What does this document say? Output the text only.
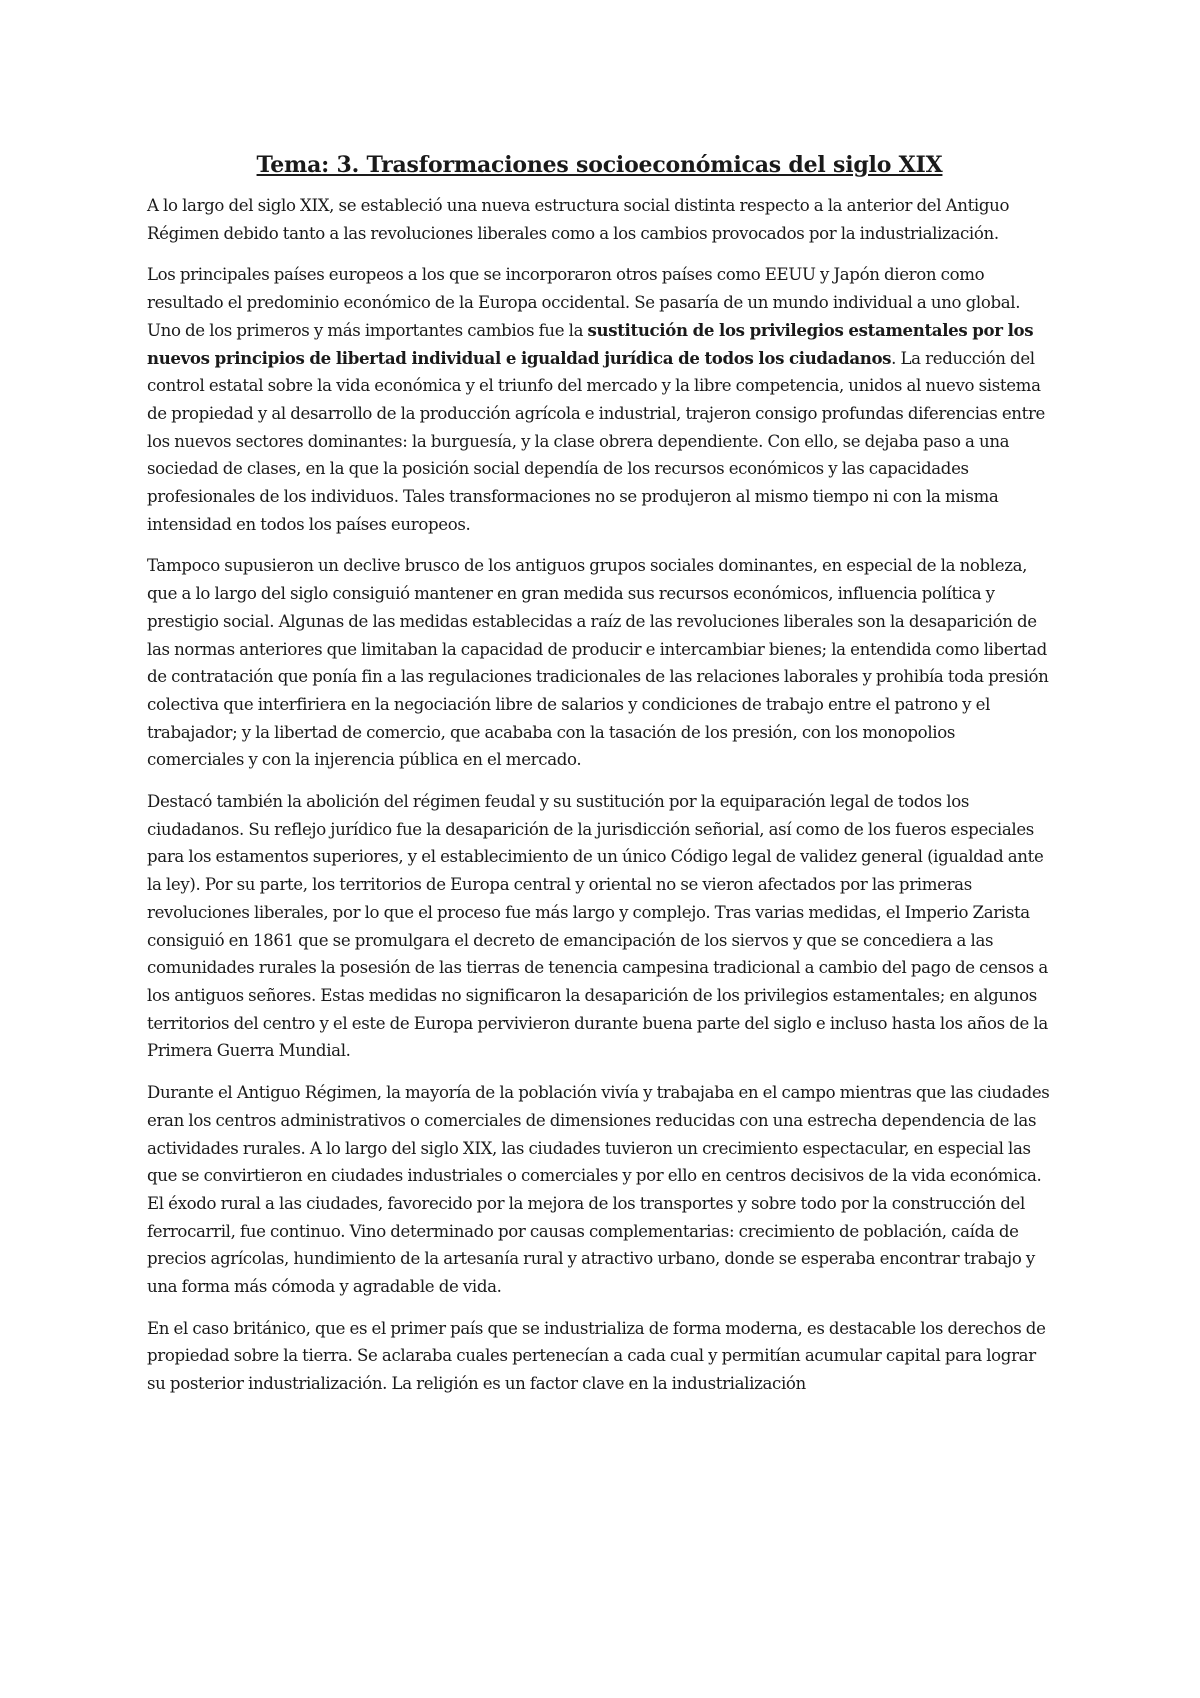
Tema: 3. Trasformaciones socioeconómicas del siglo XIX

A lo largo del siglo XIX, se estableció una nueva estructura social distinta respecto a la anterior del Antiguo Régimen debido tanto a las revoluciones liberales como a los cambios provocados por la industrialización.

Los principales países europeos a los que se incorporaron otros países como EEUU y Japón dieron como resultado el predominio económico de la Europa occidental. Se pasaría de un mundo individual a uno global. Uno de los primeros y más importantes cambios fue la sustitución de los privilegios estamentales por los nuevos principios de libertad individual e igualdad jurídica de todos los ciudadanos. La reducción del control estatal sobre la vida económica y el triunfo del mercado y la libre competencia, unidos al nuevo sistema de propiedad y al desarrollo de la producción agrícola e industrial, trajeron consigo profundas diferencias entre los nuevos sectores dominantes: la burguesía, y la clase obrera dependiente. Con ello, se dejaba paso a una sociedad de clases, en la que la posición social dependía de los recursos económicos y las capacidades profesionales de los individuos. Tales transformaciones no se produjeron al mismo tiempo ni con la misma intensidad en todos los países europeos.

Tampoco supusieron un declive brusco de los antiguos grupos sociales dominantes, en especial de la nobleza, que a lo largo del siglo consiguió mantener en gran medida sus recursos económicos, influencia política y prestigio social. Algunas de las medidas establecidas a raíz de las revoluciones liberales son la desaparición de las normas anteriores que limitaban la capacidad de producir e intercambiar bienes; la entendida como libertad de contratación que ponía fin a las regulaciones tradicionales de las relaciones laborales y prohibía toda presión colectiva que interfiriera en la negociación libre de salarios y condiciones de trabajo entre el patrono y el trabajador; y la libertad de comercio, que acababa con la tasación de los presión, con los monopolios comerciales y con la injerencia pública en el mercado.

Destacó también la abolición del régimen feudal y su sustitución por la equiparación legal de todos los ciudadanos. Su reflejo jurídico fue la desaparición de la jurisdicción señorial, así como de los fueros especiales para los estamentos superiores, y el establecimiento de un único Código legal de validez general (igualdad ante la ley). Por su parte, los territorios de Europa central y oriental no se vieron afectados por las primeras revoluciones liberales, por lo que el proceso fue más largo y complejo. Tras varias medidas, el Imperio Zarista consiguió en 1861 que se promulgara el decreto de emancipación de los siervos y que se concediera a las comunidades rurales la posesión de las tierras de tenencia campesina tradicional a cambio del pago de censos a los antiguos señores. Estas medidas no significaron la desaparición de los privilegios estamentales; en algunos territorios del centro y el este de Europa pervivieron durante buena parte del siglo e incluso hasta los años de la Primera Guerra Mundial.

Durante el Antiguo Régimen, la mayoría de la población vivía y trabajaba en el campo mientras que las ciudades eran los centros administrativos o comerciales de dimensiones reducidas con una estrecha dependencia de las actividades rurales. A lo largo del siglo XIX, las ciudades tuvieron un crecimiento espectacular, en especial las que se convirtieron en ciudades industriales o comerciales y por ello en centros decisivos de la vida económica. El éxodo rural a las ciudades, favorecido por la mejora de los transportes y sobre todo por la construcción del ferrocarril, fue continuo. Vino determinado por causas complementarias: crecimiento de población, caída de precios agrícolas, hundimiento de la artesanía rural y atractivo urbano, donde se esperaba encontrar trabajo y una forma más cómoda y agradable de vida.

En el caso británico, que es el primer país que se industrializa de forma moderna, es destacable los derechos de propiedad sobre la tierra. Se aclaraba cuales pertenecían a cada cual y permitían acumular capital para lograr su posterior industrialización. La religión es un factor clave en la industrialización
